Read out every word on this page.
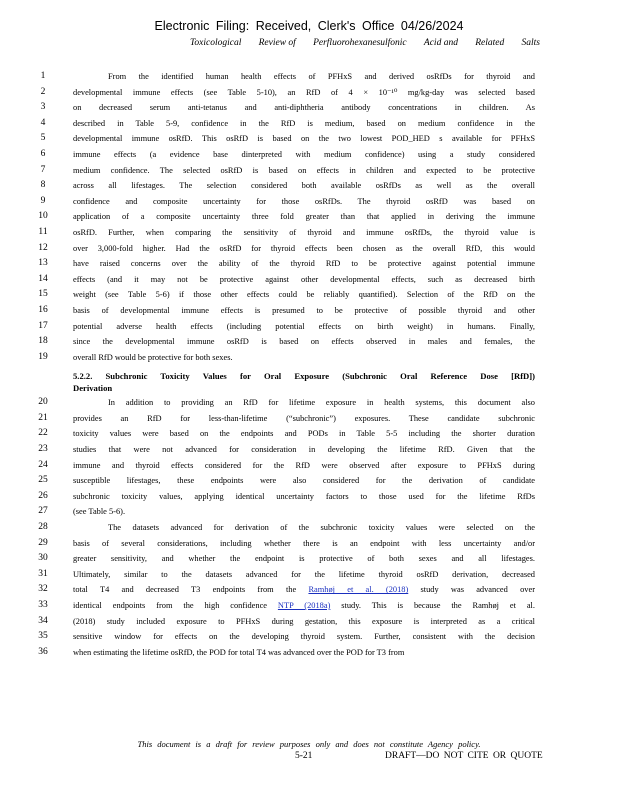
Electronic Filing: Received, Clerk's Office 04/26/2024
Toxicological Review of Perfluorohexanesulfonic Acid and Related Salts
1	From the identified human health effects of PFHxS and derived osRfDs for thyroid and
2	developmental immune effects (see Table 5-10), an RfD of 4 × 10⁻¹⁰ mg/kg-day was selected based
3	on decreased serum anti-tetanus and anti-diphtheria antibody concentrations in children. As
4	described in Table 5-9, confidence in the RfD is medium, based on medium confidence in the
5	developmental immune osRfD. This osRfD is based on the two lowest POD_HED s available for PFHxS
6	immune effects (a evidence base dinterpreted with medium confidence) using a study considered
7	medium confidence. The selected osRfD is based on effects in children and expected to be protective
8	across all lifestages. The selection considered both available osRfDs as well as the overall
9	confidence and composite uncertainty for those osRfDs. The thyroid osRfD was based on
10	application of a composite uncertainty three fold greater than that applied in deriving the immune
11	osRfD. Further, when comparing the sensitivity of thyroid and immune osRfDs, the thyroid value is
12	over 3,000-fold higher. Had the osRfD for thyroid effects been chosen as the overall RfD, this would
13	have raised concerns over the ability of the thyroid RfD to be protective against potential immune
14	effects (and it may not be protective against other developmental effects, such as decreased birth
15	weight (see Table 5-6) if those other effects could be reliably quantified). Selection of the RfD on the
16	basis of developmental immune effects is presumed to be protective of possible thyroid and other
17	potential adverse health effects (including potential effects on birth weight) in humans. Finally,
18	since the developmental immune osRfD is based on effects observed in males and females, the
19	overall RfD would be protective for both sexes.
5.2.2. Subchronic Toxicity Values for Oral Exposure (Subchronic Oral Reference Dose [RfD])
Derivation
20	In addition to providing an RfD for lifetime exposure in health systems, this document also
21	provides an RfD for less-than-lifetime (“subchronic”) exposures. These candidate subchronic
22	toxicity values were based on the endpoints and PODs in Table 5-5 including the shorter duration
23	studies that were not advanced for consideration in developing the lifetime RfD. Given that the
24	immune and thyroid effects considered for the RfD were observed after exposure to PFHxS during
25	susceptible lifestages, these endpoints were also considered for the derivation of candidate
26	subchronic toxicity values, applying identical uncertainty factors to those used for the lifetime RfDs
27	(see Table 5-6).
28	The datasets advanced for derivation of the subchronic toxicity values were selected on the
29	basis of several considerations, including whether there is an endpoint with less uncertainty and/or
30	greater sensitivity, and whether the endpoint is protective of both sexes and all lifestages.
31	Ultimately, similar to the datasets advanced for the lifetime thyroid osRfD derivation, decreased
32	total T4 and decreased T3 endpoints from the Ramhøj et al. (2018) study was advanced over
33	identical endpoints from the high confidence NTP (2018a) study. This is because the Ramhøj et al.
34	(2018) study included exposure to PFHxS during gestation, this exposure is interpreted as a critical
35	sensitive window for effects on the developing thyroid system. Further, consistent with the decision
36	when estimating the lifetime osRfD, the POD for total T4 was advanced over the POD for T3 from
This document is a draft for review purposes only and does not constitute Agency policy.
5-21	DRAFT—DO NOT CITE OR QUOTE
